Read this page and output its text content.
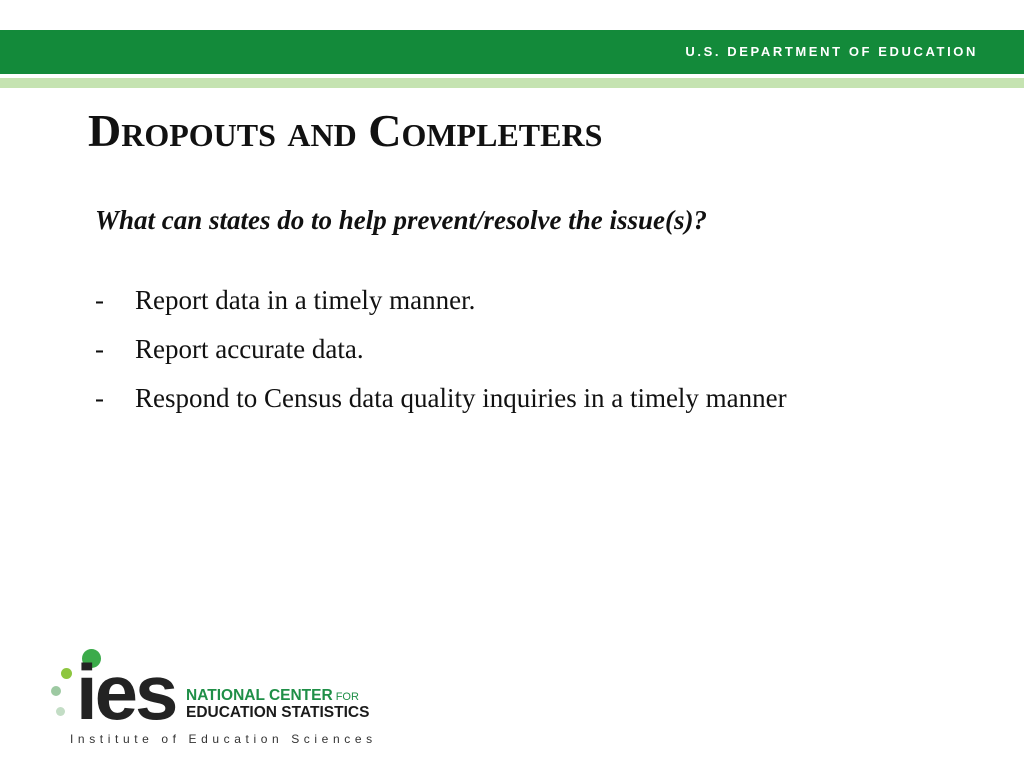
U.S. DEPARTMENT OF EDUCATION
Dropouts and Completers

What can states do to help prevent/resolve the issue(s)?

- Report data in a timely manner.
- Report accurate data.
- Respond to Census data quality inquiries in a timely manner
ies NATIONAL CENTER FOR
EDUCATION STATISTICS
Institute of Education Sciences
